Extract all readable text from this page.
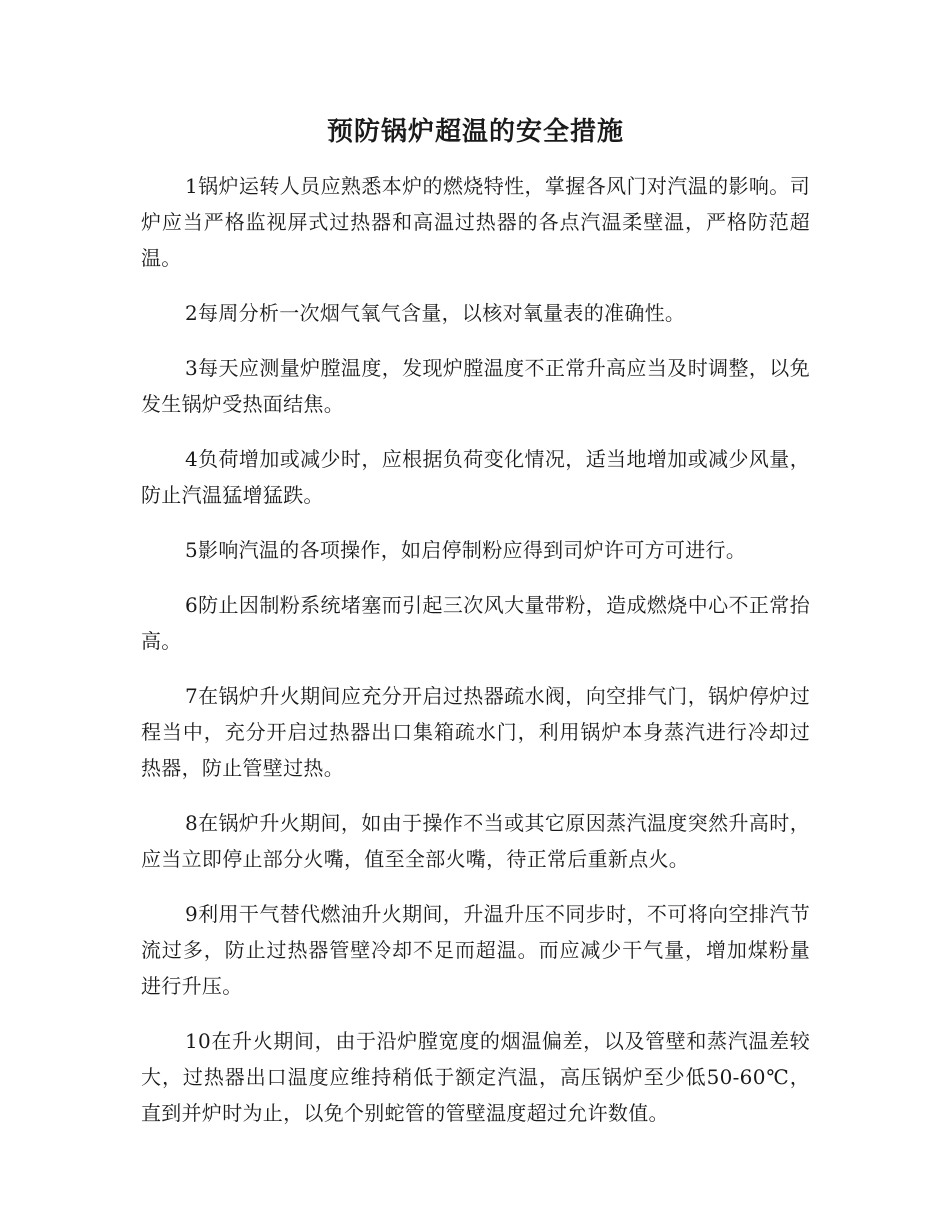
预防锅炉超温的安全措施

1锅炉运转人员应熟悉本炉的燃烧特性，掌握各风门对汽温的影响。司炉应当严格监视屏式过热器和高温过热器的各点汽温柔壁温，严格防范超温。

2每周分析一次烟气氧气含量，以核对氧量表的准确性。

3每天应测量炉膛温度，发现炉膛温度不正常升高应当及时调整，以免发生锅炉受热面结焦。

4负荷增加或减少时，应根据负荷变化情况，适当地增加或减少风量，防止汽温猛增猛跌。

5影响汽温的各项操作，如启停制粉应得到司炉许可方可进行。

6防止因制粉系统堵塞而引起三次风大量带粉，造成燃烧中心不正常抬高。

7在锅炉升火期间应充分开启过热器疏水阀，向空排气门，锅炉停炉过程当中，充分开启过热器出口集箱疏水门，利用锅炉本身蒸汽进行冷却过热器，防止管壁过热。

8在锅炉升火期间，如由于操作不当或其它原因蒸汽温度突然升高时，应当立即停止部分火嘴，值至全部火嘴，待正常后重新点火。

9利用干气替代燃油升火期间，升温升压不同步时，不可将向空排汽节流过多，防止过热器管壁冷却不足而超温。而应减少干气量，增加煤粉量进行升压。

10在升火期间，由于沿炉膛宽度的烟温偏差，以及管壁和蒸汽温差较大，过热器出口温度应维持稍低于额定汽温，高压锅炉至少低50-60℃，直到并炉时为止，以免个别蛇管的管壁温度超过允许数值。
